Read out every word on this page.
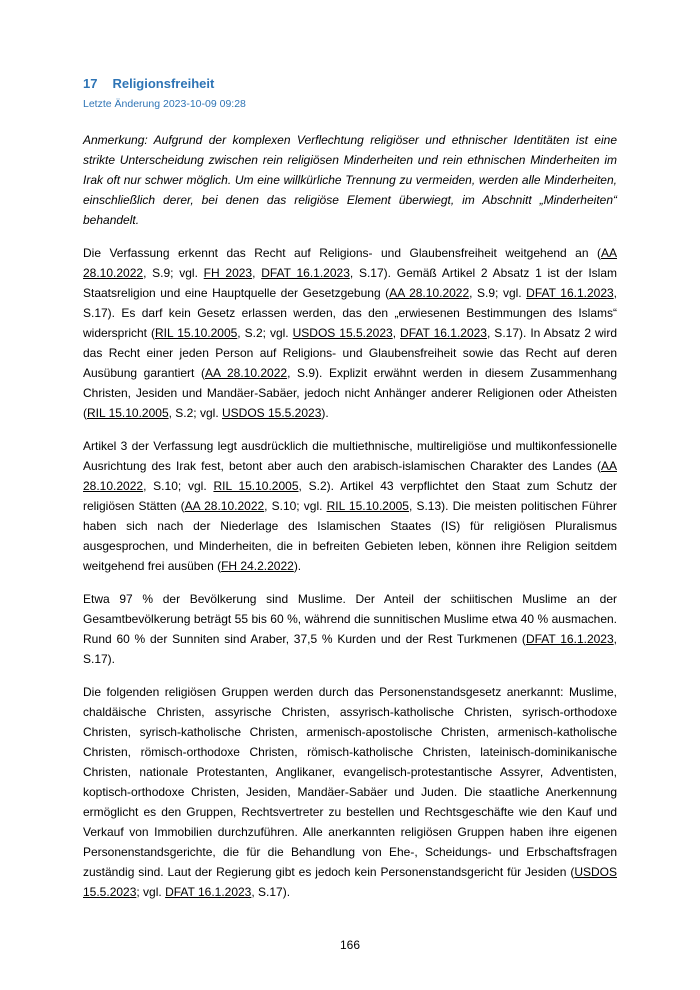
17 Religionsfreiheit
Letzte Änderung 2023-10-09 09:28

Anmerkung: Aufgrund der komplexen Verflechtung religiöser und ethnischer Identitäten ist eine strikte Unterscheidung zwischen rein religiösen Minderheiten und rein ethnischen Minderheiten im Irak oft nur schwer möglich. Um eine willkürliche Trennung zu vermeiden, werden alle Minderheiten, einschließlich derer, bei denen das religiöse Element überwiegt, im Abschnitt „Minderheiten“ behandelt.

Die Verfassung erkennt das Recht auf Religions- und Glaubensfreiheit weitgehend an (AA 28.10.2022, S.9; vgl. FH 2023, DFAT 16.1.2023, S.17). Gemäß Artikel 2 Absatz 1 ist der Islam Staatsreligion und eine Hauptquelle der Gesetzgebung (AA 28.10.2022, S.9; vgl. DFAT 16.1.2023, S.17). Es darf kein Gesetz erlassen werden, das den „erwiesenen Bestimmungen des Islams“ widerspricht (RIL 15.10.2005, S.2; vgl. USDOS 15.5.2023, DFAT 16.1.2023, S.17). In Absatz 2 wird das Recht einer jeden Person auf Religions- und Glaubensfreiheit sowie das Recht auf deren Ausübung garantiert (AA 28.10.2022, S.9). Explizit erwähnt werden in diesem Zusammenhang Christen, Jesiden und Mandäer-Sabäer, jedoch nicht Anhänger anderer Religionen oder Atheisten (RIL 15.10.2005, S.2; vgl. USDOS 15.5.2023).

Artikel 3 der Verfassung legt ausdrücklich die multiethnische, multireligiöse und multikonfessionelle Ausrichtung des Irak fest, betont aber auch den arabisch-islamischen Charakter des Landes (AA 28.10.2022, S.10; vgl. RIL 15.10.2005, S.2). Artikel 43 verpflichtet den Staat zum Schutz der religiösen Stätten (AA 28.10.2022, S.10; vgl. RIL 15.10.2005, S.13). Die meisten politischen Führer haben sich nach der Niederlage des Islamischen Staates (IS) für religiösen Pluralismus ausgesprochen, und Minderheiten, die in befreiten Gebieten leben, können ihre Religion seitdem weitgehend frei ausüben (FH 24.2.2022).

Etwa 97 % der Bevölkerung sind Muslime. Der Anteil der schiitischen Muslime an der Gesamtbevölkerung beträgt 55 bis 60 %, während die sunnitischen Muslime etwa 40 % ausmachen. Rund 60 % der Sunniten sind Araber, 37,5 % Kurden und der Rest Turkmenen (DFAT 16.1.2023, S.17).

Die folgenden religiösen Gruppen werden durch das Personenstandsgesetz anerkannt: Muslime, chaldäische Christen, assyrische Christen, assyrisch-katholische Christen, syrisch-orthodoxe Christen, syrisch-katholische Christen, armenisch-apostolische Christen, armenisch-katholische Christen, römisch-orthodoxe Christen, römisch-katholische Christen, lateinisch-dominikanische Christen, nationale Protestanten, Anglikaner, evangelisch-protestantische Assyrer, Adventisten, koptisch-orthodoxe Christen, Jesiden, Mandäer-Sabäer und Juden. Die staatliche Anerkennung ermöglicht es den Gruppen, Rechtsvertreter zu bestellen und Rechtsgeschäfte wie den Kauf und Verkauf von Immobilien durchzuführen. Alle anerkannten religiösen Gruppen haben ihre eigenen Personenstandsgerichte, die für die Behandlung von Ehe-, Scheidungs- und Erbschaftsfragen zuständig sind. Laut der Regierung gibt es jedoch kein Personenstandsgericht für Jesiden (USDOS 15.5.2023; vgl. DFAT 16.1.2023, S.17).

166
